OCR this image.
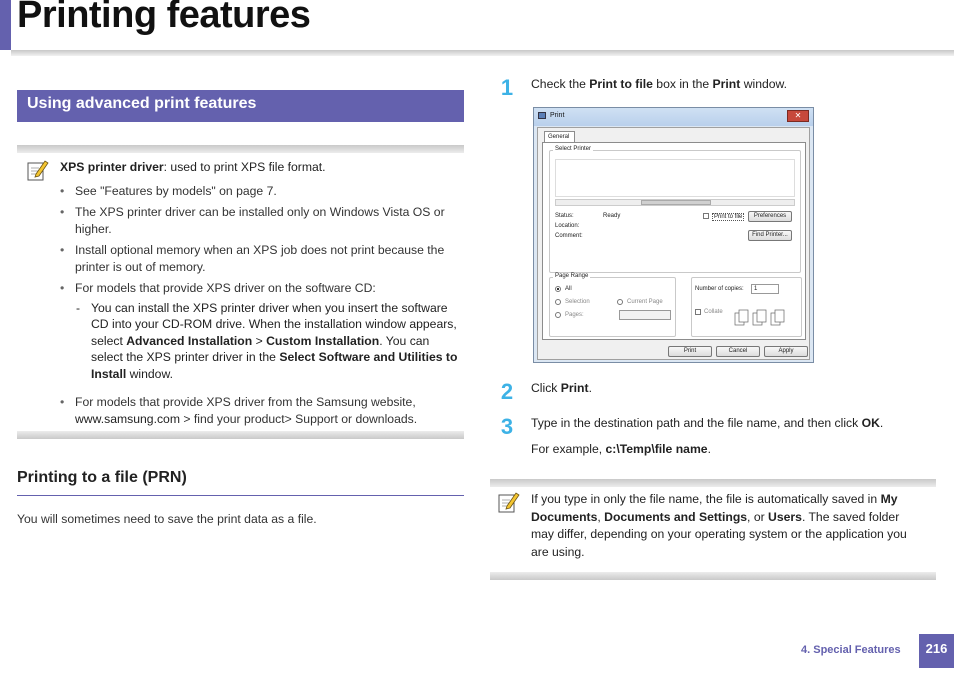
Printing features
Using advanced print features
XPS printer driver: used to print XPS file format.
• See "Features by models" on page 7.
• The XPS printer driver can be installed only on Windows Vista OS or higher.
• Install optional memory when an XPS job does not print because the printer is out of memory.
• For models that provide XPS driver on the software CD:
- You can install the XPS printer driver when you insert the software CD into your CD-ROM drive. When the installation window appears, select Advanced Installation > Custom Installation. You can select the XPS printer driver in the Select Software and Utilities to Install window.
• For models that provide XPS driver from the Samsung website, www.samsung.com > find your product> Support or downloads.
Printing to a file (PRN)
You will sometimes need to save the print data as a file.
1	Check the Print to file box in the Print window.
Print	✕
General
Select Printer
Status:	Ready
Location:
Comment:
Print to file	Preferences
Find Printer...
Page Range
All
Selection	Current Page
Pages:
Number of copies:	1
Collate
Print	Cancel	Apply
2	Click Print.
3	Type in the destination path and the file name, and then click OK.
For example, c:\Temp\file name.
If you type in only the file name, the file is automatically saved in My Documents, Documents and Settings, or Users. The saved folder may differ, depending on your operating system or the application you are using.
4. Special Features	216
